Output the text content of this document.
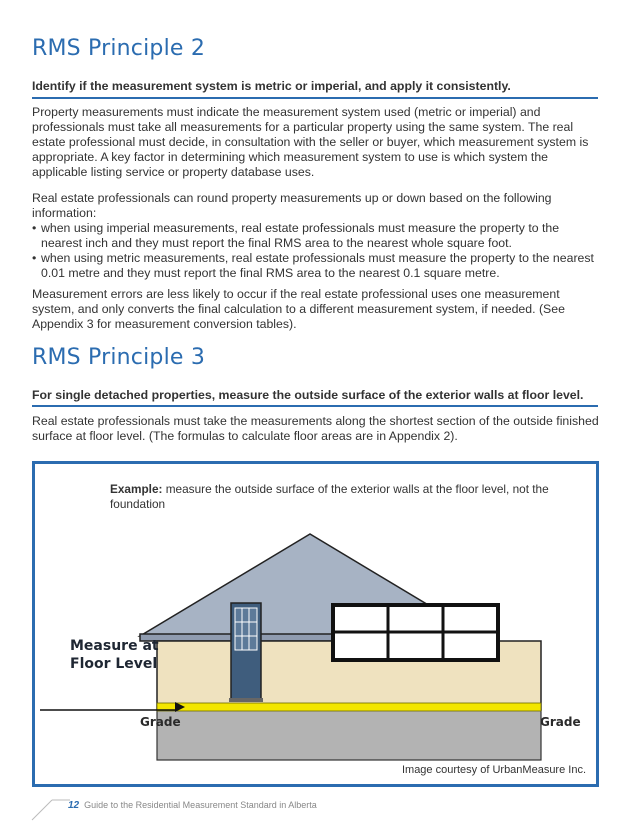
RMS Principle 2

Identify if the measurement system is metric or imperial, and apply it consistently.

Property measurements must indicate the measurement system used (metric or imperial) and professionals must take all measurements for a particular property using the same system. The real estate professional must decide, in consultation with the seller or buyer, which measurement system is appropriate. A key factor in determining which measurement system to use is which system the applicable listing service or property database uses.

Real estate professionals can round property measurements up or down based on the following information:
• when using imperial measurements, real estate professionals must measure the property to the nearest inch and they must report the final RMS area to the nearest whole square foot.
• when using metric measurements, real estate professionals must measure the property to the nearest 0.01 metre and they must report the final RMS area to the nearest 0.1 square metre.

Measurement errors are less likely to occur if the real estate professional uses one measurement system, and only converts the final calculation to a different measurement system, if needed. (See Appendix 3 for measurement conversion tables).

RMS Principle 3

For single detached properties, measure the outside surface of the exterior walls at floor level.

Real estate professionals must take the measurements along the shortest section of the outside finished surface at floor level. (The formulas to calculate floor areas are in Appendix 2).

Example: measure the outside surface of the exterior walls at the floor level, not the foundation
Measure at
Floor Level
Grade	Grade
Image courtesy of UrbanMeasure Inc.
12 Guide to the Residential Measurement Standard in Alberta
